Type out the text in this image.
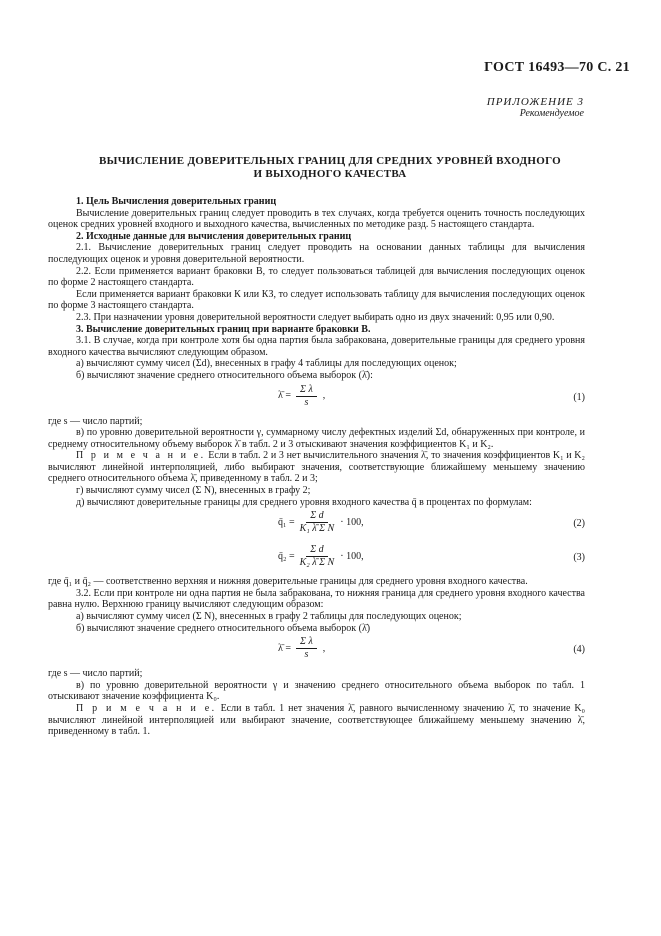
ГОСТ 16493—70 С. 21
ПРИЛОЖЕНИЕ 3
Рекомендуемое
ВЫЧИСЛЕНИЕ ДОВЕРИТЕЛЬНЫХ ГРАНИЦ ДЛЯ СРЕДНИХ УРОВНЕЙ ВХОДНОГО
И ВЫХОДНОГО КАЧЕСТВА

1. Цель Вычисления доверительных границ

Вычисление доверительных границ следует проводить в тех случаях, когда требуется оценить точность последующих оценок средних уровней входного и выходного качества, вычисленных по методике разд. 5 настоящего стандарта.

2. Исходные данные для вычисления доверительных границ

2.1. Вычисление доверительных границ следует проводить на основании данных таблицы для вычисления последующих оценок и уровня доверительной вероятности.

2.2. Если применяется вариант браковки В, то следует пользоваться таблицей для вычисления последующих оценок по форме 2 настоящего стандарта.

Если применяется вариант браковки К или КЗ, то следует использовать таблицу для вычисления последующих оценок по форме 3 настоящего стандарта.

2.3. При назначении уровня доверительной вероятности следует выбирать одно из двух значений: 0,95 или 0,90.

3. Вычисление доверительных границ при варианте браковки В.

3.1. В случае, когда при контроле хотя бы одна партия была забракована, доверительные границы для среднего уровня входного качества вычисляют следующим образом.

а) вычисляют сумму чисел (Σd), внесенных в графу 4 таблицы для последующих оценок;

б) вычисляют значение среднего относительного объема выборок (λ̄):

λ̄ = $\frac{\text{Σ λ}}{s}$ ,	(1)

где s — число партий;

в) по уровню доверительной вероятности γ, суммарному числу дефектных изделий Σd, обнаруженных при контроле, и среднему относительному объему выборок λ̄ в табл. 2 и 3 отыскивают значения коэффициентов K₁ и K₂.

П р и м е ч а н и е. Если в табл. 2 и 3 нет вычислительного значения λ̄, то значения коэффициентов K₁ и K₂ вычисляют линейной интерполяцией, либо выбирают значения, соответствующие ближайшему меньшему значению среднего относительного объема λ̄, приведенному в табл. 2 и 3;

г) вычисляют сумму чисел (Σ N), внесенных в графу 2;

д) вычисляют доверительные границы для среднего уровня входного качества q̄ в процентах по формулам:

q̄₁ = $\frac{\text{Σ d}}{\text{K₁ λ̄ Σ N}} \cdot 100$,	(2)
q̄₂ = $\frac{\text{Σ d}}{\text{K₂ λ̄ Σ N}} \cdot 100$,	(3)

где q̄₁ и q̄₂ — соответственно верхняя и нижняя доверительные границы для среднего уровня входного качества.

3.2. Если при контроле ни одна партия не была забракована, то нижняя граница для среднего уровня входного качества равна нулю. Верхнюю границу вычисляют следующим образом:

а) вычисляют сумму чисел (Σ N), внесенных в графу 2 таблицы для последующих оценок;

б) вычисляют значение среднего относительного объема выборок (λ̄)

λ̄ = $\frac{\text{Σ λ}}{s}$ ,	(4)

где s — число партий;

в) по уровню доверительной вероятности γ и значению среднего относительного объема выборок по табл. 1 отыскивают значение коэффициента K₀.

П р и м е ч а н и е. Если в табл. 1 нет значения λ̄, равного вычисленному значению λ̄, то значение K₀ вычисляют линейной интерполяцией или выбирают значение, соответствующее ближайшему меньшему значению λ̄, приведенному в табл. 1.
